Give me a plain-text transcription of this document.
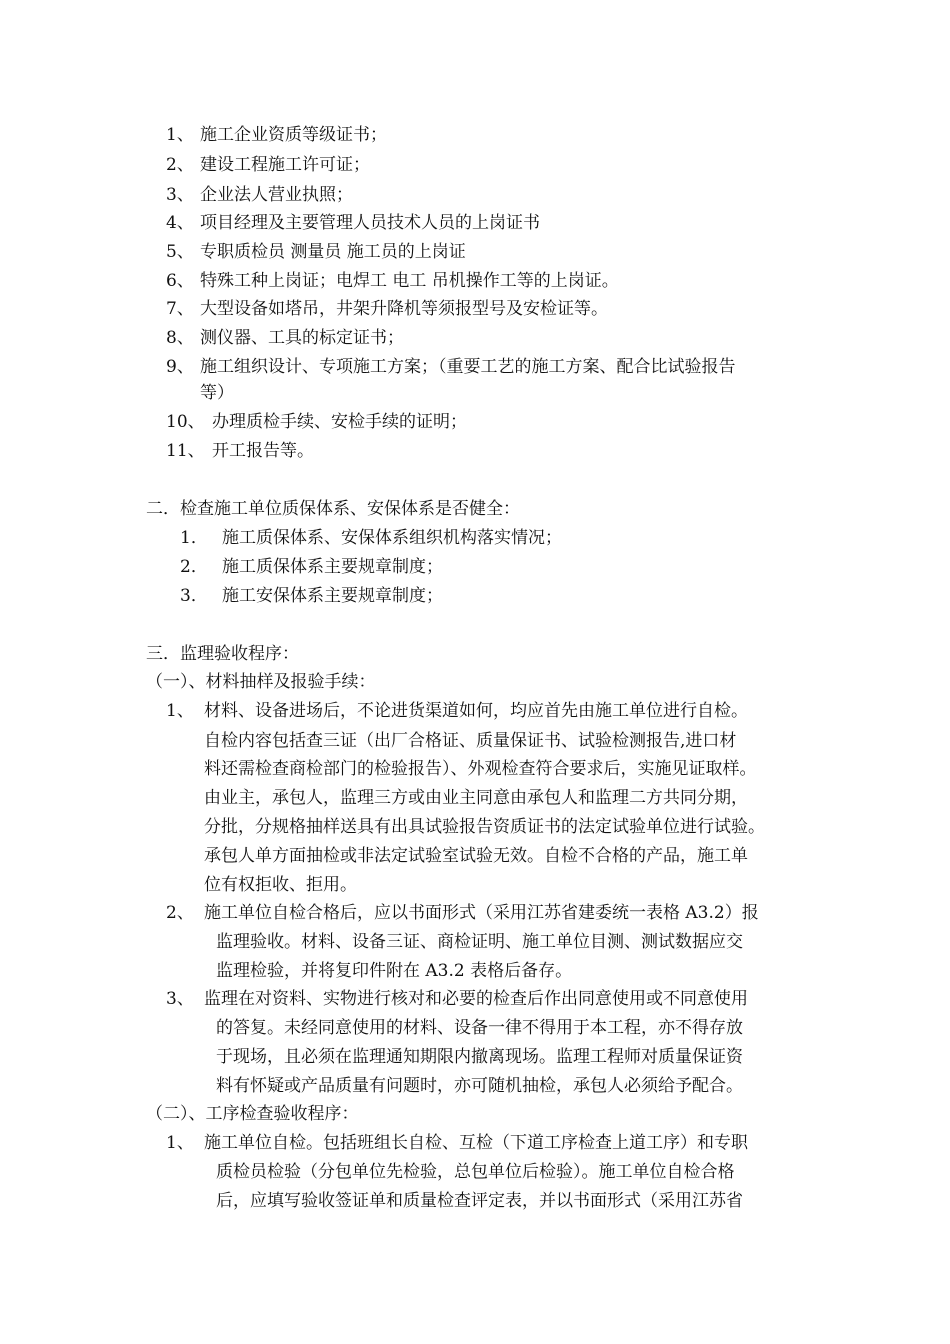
1、 施工企业资质等级证书；
2、 建设工程施工许可证；
3、 企业法人营业执照；
4、 项目经理及主要管理人员技术人员的上岗证书
5、 专职质检员 测量员 施工员的上岗证
6、 特殊工种上岗证；电焊工 电工 吊机操作工等的上岗证。
7、 大型设备如塔吊，井架升降机等须报型号及安检证等。
8、 测仪器、工具的标定证书；
9、 施工组织设计、专项施工方案；（重要工艺的施工方案、配合比试验报告
等）
10、 办理质检手续、安检手续的证明；
11、 开工报告等。
二．检查施工单位质保体系、安保体系是否健全：
1． 施工质保体系、安保体系组织机构落实情况；
2． 施工质保体系主要规章制度；
3． 施工安保体系主要规章制度；
三．监理验收程序：
（一）、材料抽样及报验手续：
1、 材料、设备进场后，不论进货渠道如何，均应首先由施工单位进行自检。
自检内容包括查三证（出厂合格证、质量保证书、试验检测报告,进口材
料还需检查商检部门的检验报告）、外观检查符合要求后，实施见证取样。
由业主，承包人，监理三方或由业主同意由承包人和监理二方共同分期，
分批，分规格抽样送具有出具试验报告资质证书的法定试验单位进行试验。
承包人单方面抽检或非法定试验室试验无效。自检不合格的产品，施工单
位有权拒收、拒用。
2、 施工单位自检合格后，应以书面形式（采用江苏省建委统一表格 A3.2）报
监理验收。材料、设备三证、商检证明、施工单位目测、测试数据应交
监理检验，并将复印件附在 A3.2 表格后备存。
3、 监理在对资料、实物进行核对和必要的检查后作出同意使用或不同意使用
的答复。未经同意使用的材料、设备一律不得用于本工程，亦不得存放
于现场，且必须在监理通知期限内撤离现场。监理工程师对质量保证资
料有怀疑或产品质量有问题时，亦可随机抽检，承包人必须给予配合。
（二）、工序检查验收程序：
1、 施工单位自检。包括班组长自检、互检（下道工序检查上道工序）和专职
质检员检验（分包单位先检验，总包单位后检验）。施工单位自检合格
后，应填写验收签证单和质量检查评定表，并以书面形式（采用江苏省
